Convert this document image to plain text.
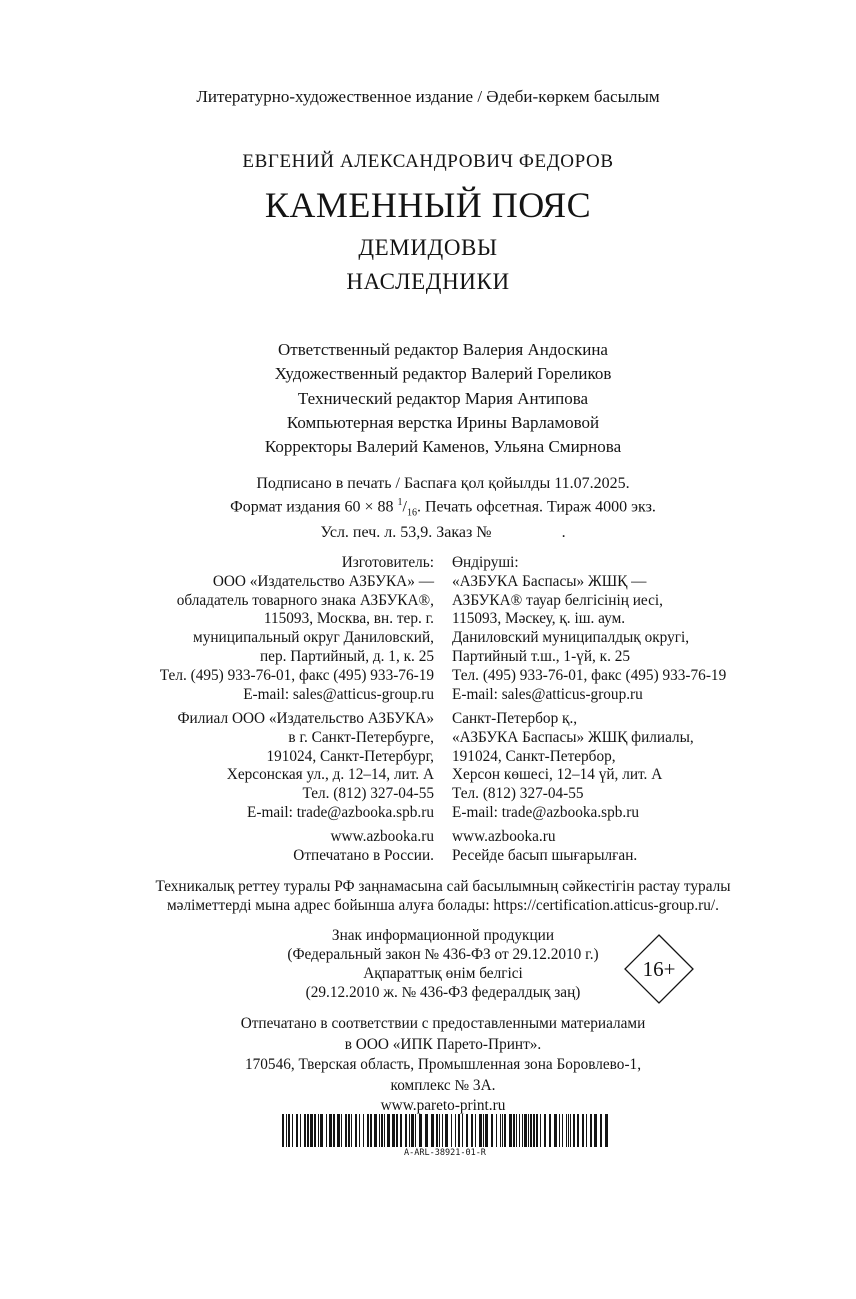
Литературно-художественное издание / Әдеби-көркем басылым
ЕВГЕНИЙ АЛЕКСАНДРОВИЧ ФЕДОРОВ
КАМЕННЫЙ ПОЯС
ДЕМИДОВЫ
НАСЛЕДНИКИ
Ответственный редактор Валерия Андоскина
Художественный редактор Валерий Гореликов
Технический редактор Мария Антипова
Компьютерная верстка Ирины Варламовой
Корректоры Валерий Каменов, Ульяна Смирнова
Подписано в печать / Баспаға қол қойылды 11.07.2025.
Формат издания 60 × 88 $^1/_{16}$. Печать офсетная. Тираж 4000 экз.
Усл. печ. л. 53,9. Заказ №	.
Изготовитель:
ООО «Издательство АЗБУКА» —
обладатель товарного знака АЗБУКА®,
115093, Москва, вн. тер. г.
муниципальный округ Даниловский,
пер. Партийный, д. 1, к. 25
Тел. (495) 933-76-01, факс (495) 933-76-19
E-mail: sales@atticus-group.ru
Өндіруші:
«АЗБУКА Баспасы» ЖШҚ —
АЗБУКА® тауар белгісінің иесі,
115093, Мәскеу, қ. іш. аум.
Даниловский муниципалдық округі,
Партийный т.ш., 1-үй, к. 25
Тел. (495) 933-76-01, факс (495) 933-76-19
E-mail: sales@atticus-group.ru
Филиал ООО «Издательство АЗБУКА»
в г. Санкт-Петербурге,
191024, Санкт-Петербург,
Херсонская ул., д. 12–14, лит. А
Тел. (812) 327-04-55
E-mail: trade@azbooka.spb.ru
Санкт-Петербор қ.,
«АЗБУКА Баспасы» ЖШҚ филиалы,
191024, Санкт-Петербор,
Херсон көшесі, 12–14 үй, лит. А
Тел. (812) 327-04-55
E-mail: trade@azbooka.spb.ru
www.azbooka.ru
Отпечатано в России.
www.azbooka.ru
Ресейде басып шығарылған.
Техникалық реттеу туралы РФ заңнамасына сай басылымның сәйкестігін растау туралы
мәліметтерді мына адрес бойынша алуға болады: https://certification.atticus-group.ru/.
Знак информационной продукции
(Федеральный закон № 436-ФЗ от 29.12.2010 г.)
Ақпараттық өнім белгісі
(29.12.2010 ж. № 436-ФЗ федералдық заң)
16+
Отпечатано в соответствии с предоставленными материалами
в ООО «ИПК Парето-Принт».
170546, Тверская область, Промышленная зона Боровлево-1,
комплекс № 3А.
www.pareto-print.ru
A-ARL-38921-01-R
